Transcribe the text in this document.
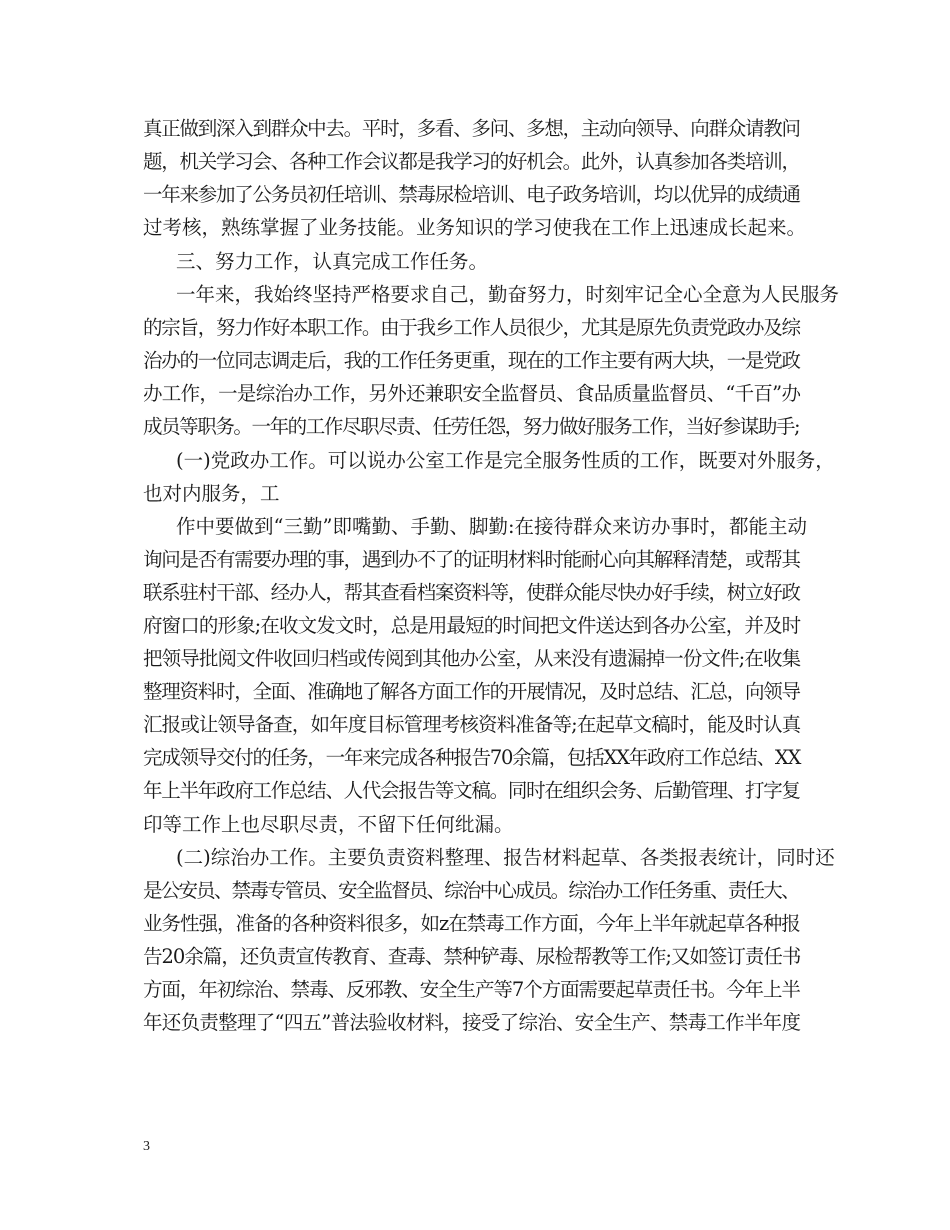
真正做到深入到群众中去。平时，多看、多问、多想，主动向领导、向群众请教问
题，机关学习会、各种工作会议都是我学习的好机会。此外，认真参加各类培训，
一年来参加了公务员初任培训、禁毒尿检培训、电子政务培训，均以优异的成绩通
过考核，熟练掌握了业务技能。业务知识的学习使我在工作上迅速成长起来。
三、努力工作，认真完成工作任务。
一年来，我始终坚持严格要求自己，勤奋努力，时刻牢记全心全意为人民服务
的宗旨，努力作好本职工作。由于我乡工作人员很少，尤其是原先负责党政办及综
治办的一位同志调走后，我的工作任务更重，现在的工作主要有两大块，一是党政
办工作，一是综治办工作，另外还兼职安全监督员、食品质量监督员、“千百”办
成员等职务。一年的工作尽职尽责、任劳任怨，努力做好服务工作，当好参谋助手;
(一)党政办工作。可以说办公室工作是完全服务性质的工作，既要对外服务，
也对内服务，工
作中要做到“三勤”即嘴勤、手勤、脚勤:在接待群众来访办事时，都能主动
询问是否有需要办理的事，遇到办不了的证明材料时能耐心向其解释清楚，或帮其
联系驻村干部、经办人，帮其查看档案资料等，使群众能尽快办好手续，树立好政
府窗口的形象;在收文发文时，总是用最短的时间把文件送达到各办公室，并及时
把领导批阅文件收回归档或传阅到其他办公室，从来没有遗漏掉一份文件;在收集
整理资料时，全面、准确地了解各方面工作的开展情况，及时总结、汇总，向领导
汇报或让领导备查，如年度目标管理考核资料准备等;在起草文稿时，能及时认真
完成领导交付的任务，一年来完成各种报告70余篇，包括XX年政府工作总结、XX
年上半年政府工作总结、人代会报告等文稿。同时在组织会务、后勤管理、打字复
印等工作上也尽职尽责，不留下任何纰漏。
(二)综治办工作。主要负责资料整理、报告材料起草、各类报表统计，同时还
是公安员、禁毒专管员、安全监督员、综治中心成员。综治办工作任务重、责任大、
业务性强，准备的各种资料很多，如z在禁毒工作方面，今年上半年就起草各种报
告20余篇，还负责宣传教育、查毒、禁种铲毒、尿检帮教等工作;又如签订责任书
方面，年初综治、禁毒、反邪教、安全生产等7个方面需要起草责任书。今年上半
年还负责整理了“四五”普法验收材料，接受了综治、安全生产、禁毒工作半年度
3
